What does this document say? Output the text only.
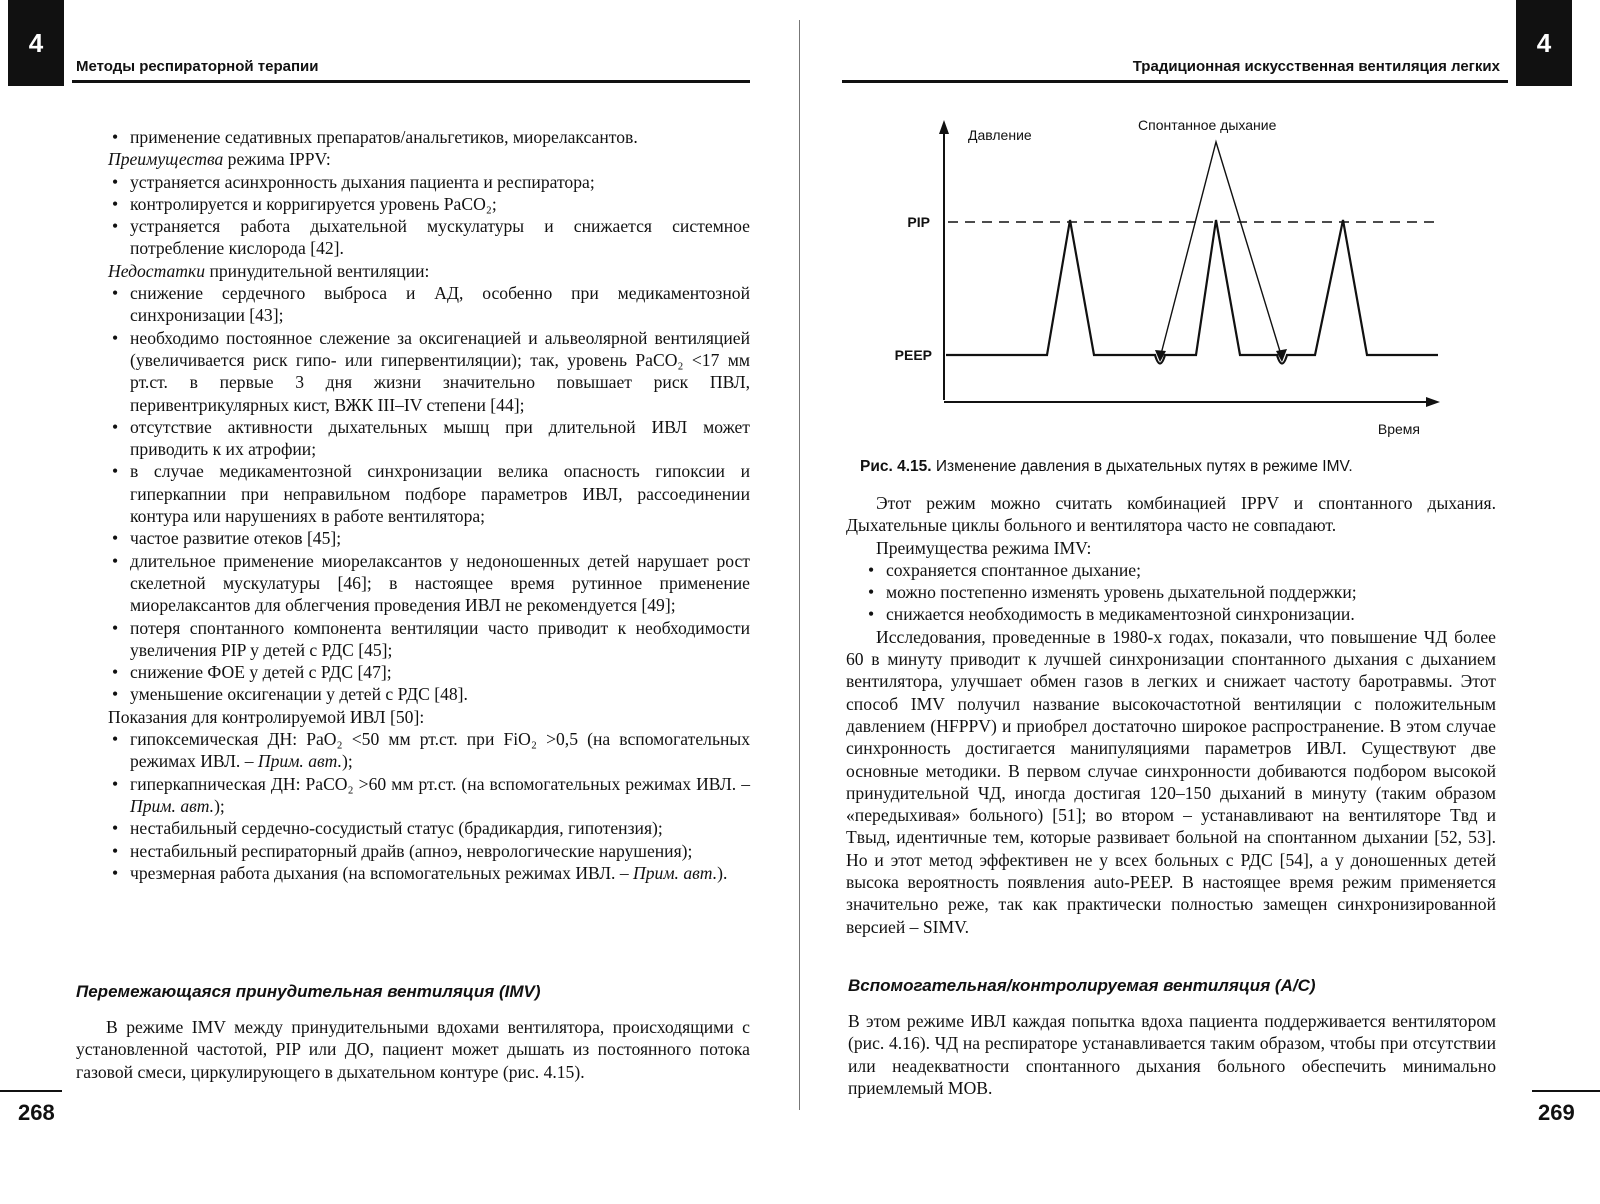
4
Методы респираторной терапии
• применение седативных препаратов/анальгетиков, миорелаксантов.

Преимущества режима IPPV:

• устраняется асинхронность дыхания пациента и респиратора;
• контролируется и корригируется уровень PaCO₂;
• устраняется работа дыхательной мускулатуры и снижается системное потребление кислорода [42].

Недостатки принудительной вентиляции:

• снижение сердечного выброса и АД, особенно при медикаментозной синхронизации [43];
• необходимо постоянное слежение за оксигенацией и альвеолярной вентиляцией (увеличивается риск гипо- или гипервентиляции); так, уровень PaCO₂ <17 мм рт.ст. в первые 3 дня жизни значительно повышает риск ПВЛ, перивентрикулярных кист, ВЖК III–IV степени [44];
• отсутствие активности дыхательных мышц при длительной ИВЛ может приводить к их атрофии;
• в случае медикаментозной синхронизации велика опасность гипоксии и гиперкапнии при неправильном подборе параметров ИВЛ, рассоединении контура или нарушениях в работе вентилятора;
• частое развитие отеков [45];
• длительное применение миорелаксантов у недоношенных детей нарушает рост скелетной мускулатуры [46]; в настоящее время рутинное применение миорелаксантов для облегчения проведения ИВЛ не рекомендуется [49];
• потеря спонтанного компонента вентиляции часто приводит к необходимости увеличения PIP у детей с РДС [45];
• снижение ФОЕ у детей с РДС [47];
• уменьшение оксигенации у детей с РДС [48].

Показания для контролируемой ИВЛ [50]:

• гипоксемическая ДН: PaO₂ <50 мм рт.ст. при FiO₂ >0,5 (на вспомогательных режимах ИВЛ. – Прим. авт.);
• гиперкапническая ДН: PaCO₂ >60 мм рт.ст. (на вспомогательных режимах ИВЛ. – Прим. авт.);
• нестабильный сердечно-сосудистый статус (брадикардия, гипотензия);
• нестабильный респираторный драйв (апноэ, неврологические нарушения);
• чрезмерная работа дыхания (на вспомогательных режимах ИВЛ. – Прим. авт.).
Перемежающаяся принудительная вентиляция (IMV)

В режиме IMV между принудительными вдохами вентилятора, происходящими с установленной частотой, PIP или ДО, пациент может дышать из постоянного потока газовой смеси, циркулирующего в дыхательном контуре (рис. 4.15).

268
4
Традиционная искусственная вентиляция легких

Этот режим можно считать комбинацией IPPV и спонтанного дыхания. Дыхательные циклы больного и вентилятора часто не совпадают.

Преимущества режима IMV:

• сохраняется спонтанное дыхание;
• можно постепенно изменять уровень дыхательной поддержки;
• снижается необходимость в медикаментозной синхронизации.

Исследования, проведенные в 1980-х годах, показали, что повышение ЧД более 60 в минуту приводит к лучшей синхронизации спонтанного дыхания с дыханием вентилятора, улучшает обмен газов в легких и снижает частоту баротравмы. Этот способ IMV получил название высокочастотной вентиляции с положительным давлением (HFPPV) и приобрел достаточно широкое распространение. В этом случае синхронность достигается манипуляциями параметров ИВЛ. Существуют две основные методики. В первом случае синхронности добиваются подбором высокой принудительной ЧД, иногда достигая 120–150 дыханий в минуту (таким образом «передыхивая» больного) [51]; во втором – устанавливают на вентиляторе Tвд и Tвыд, идентичные тем, которые развивает больной на спонтанном дыхании [52, 53]. Но и этот метод эффективен не у всех больных с РДС [54], а у доношенных детей высока вероятность появления auto-PEEP. В настоящее время режим применяется значительно реже, так как практически полностью замещен синхронизированной версией – SIMV.

Вспомогательная/контролируемая вентиляция (A/C)

В этом режиме ИВЛ каждая попытка вдоха пациента поддерживается вентилятором (рис. 4.16). ЧД на респираторе устанавливается таким образом, чтобы при отсутствии или неадекватности спонтанного дыхания больного обеспечить минимально приемлемый МОВ.

269
Давление
Спонтанное дыхание
PIP
PEEP
Время
Рис. 4.15. Изменение давления в дыхательных путях в режиме IMV.
